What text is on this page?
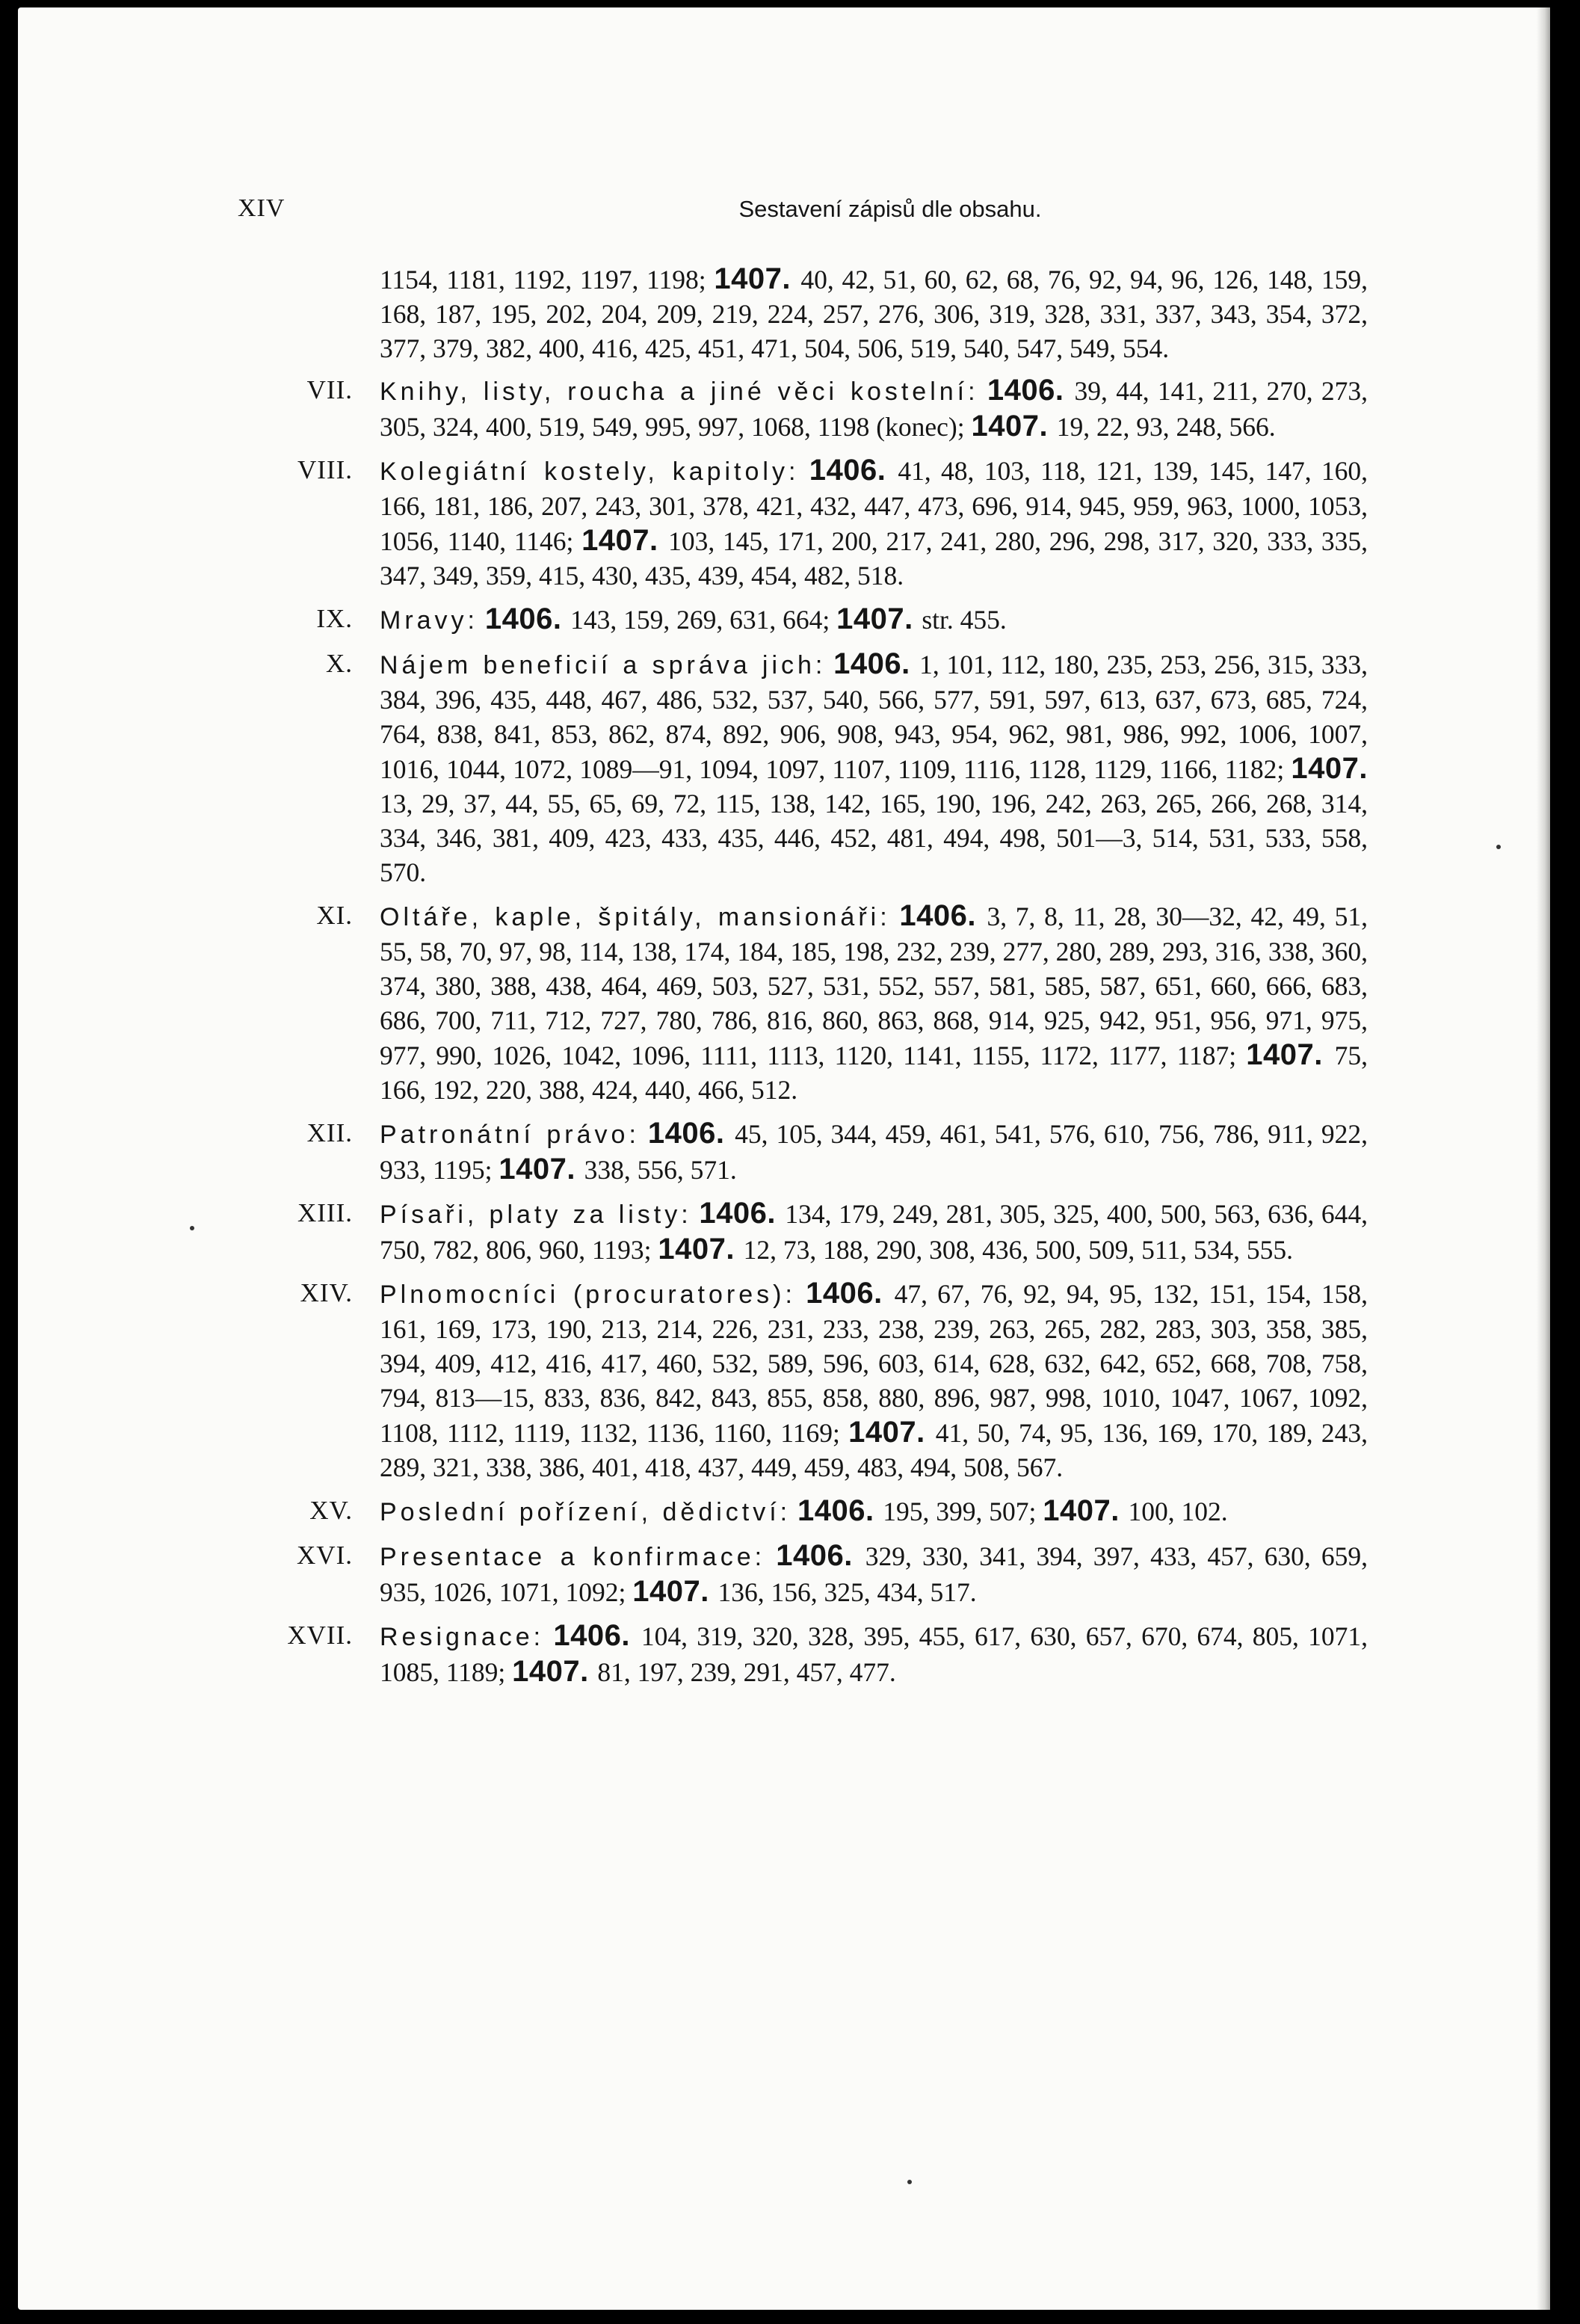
XIV	Sestavení zápisů dle obsahu.

1154, 1181, 1192, 1197, 1198; 1407. 40, 42, 51, 60, 62, 68, 76, 92, 94, 96, 126, 148, 159, 168, 187, 195, 202, 204, 209, 219, 224, 257, 276, 306, 319, 328, 331, 337, 343, 354, 372, 377, 379, 382, 400, 416, 425, 451, 471, 504, 506, 519, 540, 547, 549, 554.

VII. Knihy, listy, roucha a jiné věci kostelní: 1406. 39, 44, 141, 211, 270, 273, 305, 324, 400, 519, 549, 995, 997, 1068, 1198 (konec); 1407. 19, 22, 93, 248, 566.

VIII. Kolegiátní kostely, kapitoly: 1406. 41, 48, 103, 118, 121, 139, 145, 147, 160, 166, 181, 186, 207, 243, 301, 378, 421, 432, 447, 473, 696, 914, 945, 959, 963, 1000, 1053, 1056, 1140, 1146; 1407. 103, 145, 171, 200, 217, 241, 280, 296, 298, 317, 320, 333, 335, 347, 349, 359, 415, 430, 435, 439, 454, 482, 518.

IX. Mravy: 1406. 143, 159, 269, 631, 664; 1407. str. 455.

X. Nájem beneficií a správa jich: 1406. 1, 101, 112, 180, 235, 253, 256, 315, 333, 384, 396, 435, 448, 467, 486, 532, 537, 540, 566, 577, 591, 597, 613, 637, 673, 685, 724, 764, 838, 841, 853, 862, 874, 892, 906, 908, 943, 954, 962, 981, 986, 992, 1006, 1007, 1016, 1044, 1072, 1089—91, 1094, 1097, 1107, 1109, 1116, 1128, 1129, 1166, 1182; 1407.13, 29, 37, 44, 55, 65, 69, 72, 115, 138, 142, 165, 190, 196, 242, 263, 265, 266, 268, 314, 334, 346, 381, 409, 423, 433, 435, 446, 452, 481, 494, 498, 501—3, 514, 531, 533, 558, 570.

XI. Oltáře, kaple, špitály, mansionáři: 1406. 3, 7, 8, 11, 28, 30—32, 42, 49, 51, 55, 58, 70, 97, 98, 114, 138, 174, 184, 185, 198, 232, 239, 277, 280, 289, 293, 316, 338, 360, 374, 380, 388, 438, 464, 469, 503, 527, 531, 552, 557, 581, 585, 587, 651, 660, 666, 683, 686, 700, 711, 712, 727, 780, 786, 816, 860, 863, 868, 914, 925, 942, 951, 956, 971, 975, 977, 990, 1026, 1042, 1096, 1111, 1113, 1120, 1141, 1155, 1172, 1177, 1187; 1407. 75, 166, 192, 220, 388, 424, 440, 466, 512.

XII. Patronátní právo: 1406. 45, 105, 344, 459, 461, 541, 576, 610, 756, 786, 911, 922, 933, 1195; 1407. 338, 556, 571.

XIII. Písaři, platy za listy: 1406. 134, 179, 249, 281, 305, 325, 400, 500, 563, 636, 644, 750, 782, 806, 960, 1193; 1407. 12, 73, 188, 290, 308, 436, 500, 509, 511, 534, 555.

XIV. Plnomocníci (procuratores): 1406. 47, 67, 76, 92, 94, 95, 132, 151, 154, 158, 161, 169, 173, 190, 213, 214, 226, 231, 233, 238, 239, 263, 265, 282, 283, 303, 358, 385, 394, 409, 412, 416, 417, 460, 532, 589, 596, 603, 614, 628, 632, 642, 652, 668, 708, 758, 794, 813—15, 833, 836, 842, 843, 855, 858, 880, 896, 987, 998, 1010, 1047, 1067, 1092, 1108, 1112, 1119, 1132, 1136, 1160, 1169; 1407. 41, 50, 74, 95, 136, 169, 170, 189, 243, 289, 321, 338, 386, 401, 418, 437, 449, 459, 483, 494, 508, 567.

XV. Poslední pořízení, dědictví: 1406. 195, 399, 507; 1407. 100, 102.

XVI. Presentace a konfirmace: 1406. 329, 330, 341, 394, 397, 433, 457, 630, 659, 935, 1026, 1071, 1092; 1407. 136, 156, 325, 434, 517.

XVII. Resignace: 1406. 104, 319, 320, 328, 395, 455, 617, 630, 657, 670, 674, 805, 1071, 1085, 1189; 1407. 81, 197, 239, 291, 457, 477.
